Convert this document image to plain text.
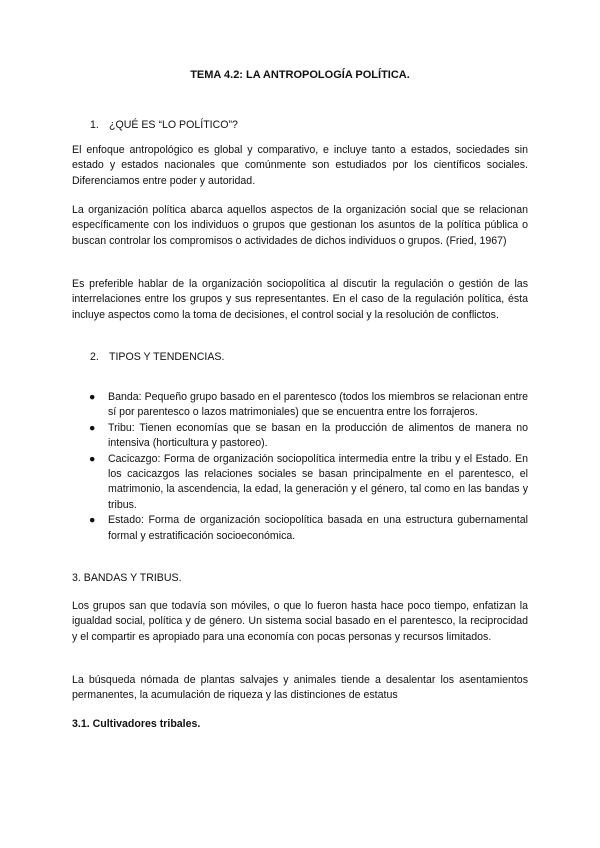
TEMA 4.2: LA ANTROPOLOGÍA POLÍTICA.
1. ¿QUÉ ES “LO POLÍTICO”?
El enfoque antropológico es global y comparativo, e incluye tanto a estados, sociedades sin estado y estados nacionales que comúnmente son estudiados por los científicos sociales. Diferenciamos entre poder y autoridad.
La organización política abarca aquellos aspectos de la organización social que se relacionan específicamente con los individuos o grupos que gestionan los asuntos de la política pública o buscan controlar los compromisos o actividades de dichos individuos o grupos. (Fried, 1967)
Es preferible hablar de la organización sociopolítica al discutir la regulación o gestión de las interrelaciones entre los grupos y sus representantes. En el caso de la regulación política, ésta incluye aspectos como la toma de decisiones, el control social y la resolución de conflictos.
2. TIPOS Y TENDENCIAS.
● Banda: Pequeño grupo basado en el parentesco (todos los miembros se relacionan entre sí por parentesco o lazos matrimoniales) que se encuentra entre los forrajeros.
● Tribu: Tienen economías que se basan en la producción de alimentos de manera no intensiva (horticultura y pastoreo).
● Cacicazgo: Forma de organización sociopolítica intermedia entre la tribu y el Estado. En los cacicazgos las relaciones sociales se basan principalmente en el parentesco, el matrimonio, la ascendencia, la edad, la generación y el género, tal como en las bandas y tribus.
● Estado: Forma de organización sociopolítica basada en una estructura gubernamental formal y estratificación socioeconómica.
3. BANDAS Y TRIBUS.
Los grupos san que todavía son móviles, o que lo fueron hasta hace poco tiempo, enfatizan la igualdad social, política y de género. Un sistema social basado en el parentesco, la reciprocidad y el compartir es apropiado para una economía con pocas personas y recursos limitados.
La búsqueda nómada de plantas salvajes y animales tiende a desalentar los asentamientos permanentes, la acumulación de riqueza y las distinciones de estatus
3.1. Cultivadores tribales.
